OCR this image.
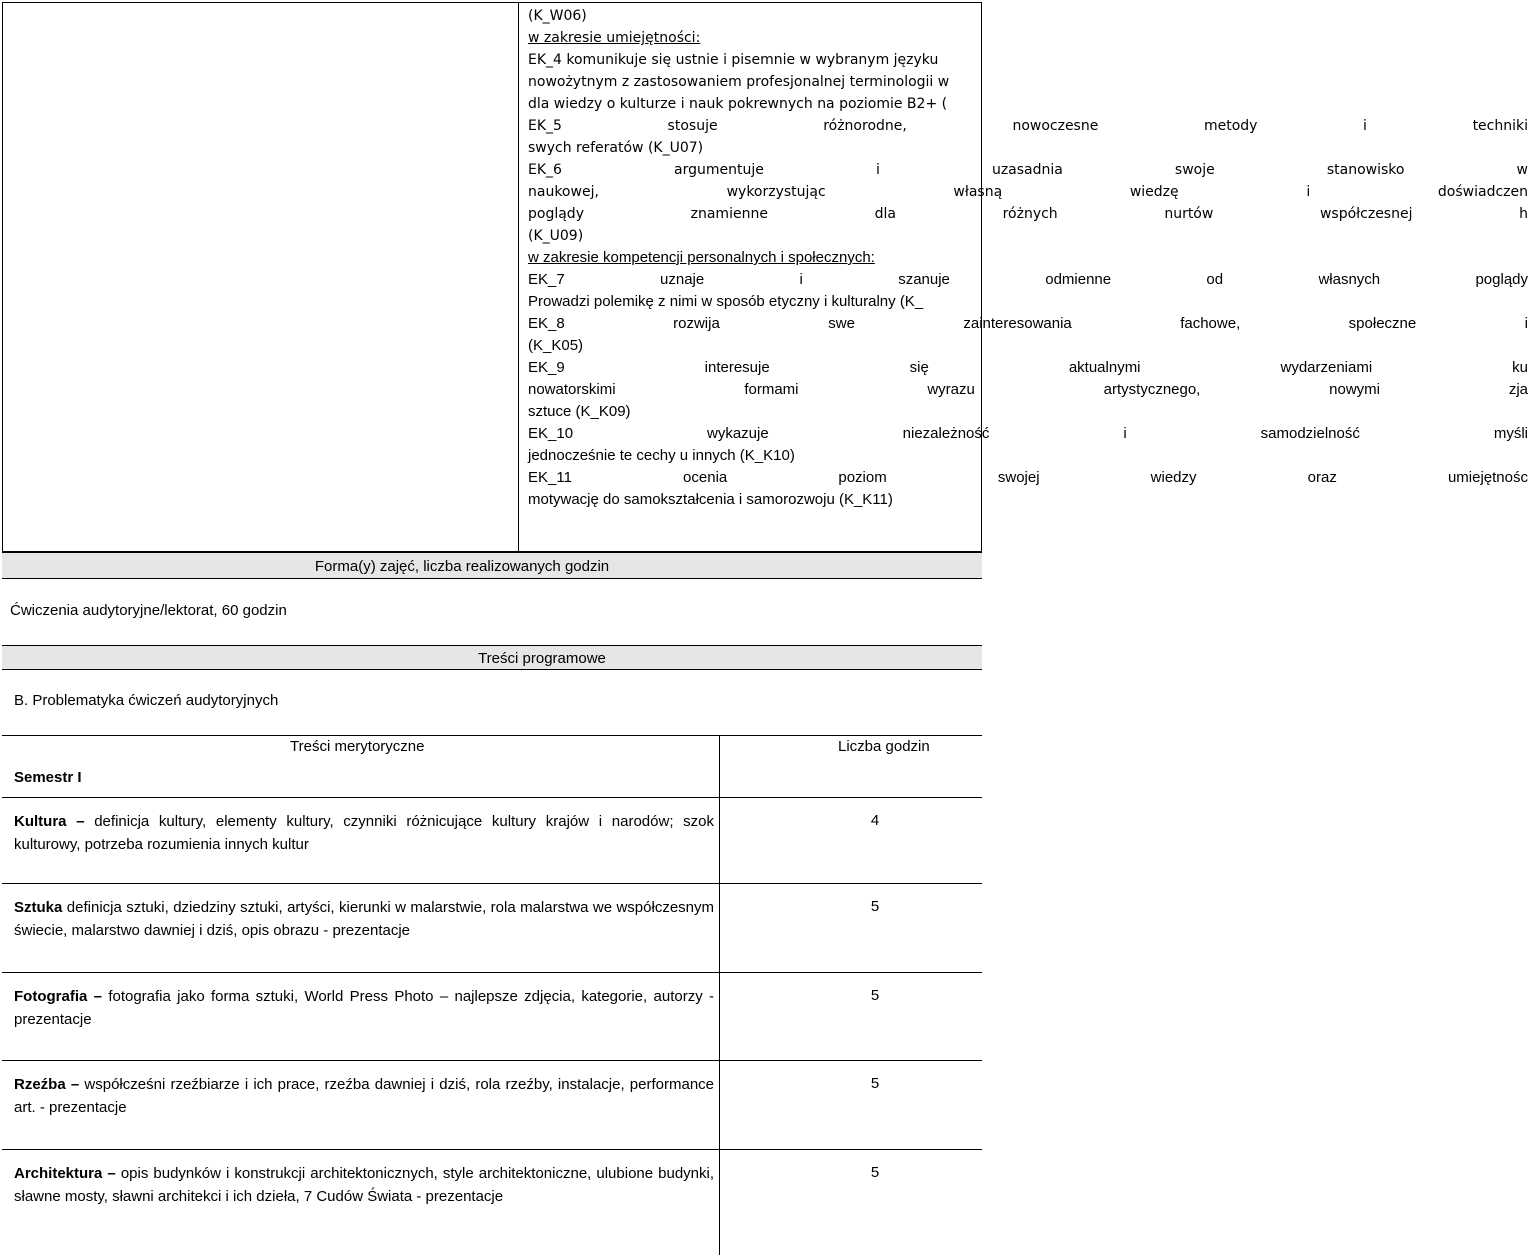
(K_W06)
w zakresie umiejętności:
EK_4 komunikuje się ustnie i pisemnie w wybranym języku
nowożytnym z zastosowaniem profesjonalnej terminologii w
dla wiedzy o kulturze i nauk pokrewnych na poziomie B2+ (
EK_5 stosuje różnorodne, nowoczesne metody i techniki
swych referatów (K_U07)
EK_6 argumentuje i uzasadnia swoje stanowisko w
naukowej, wykorzystując własną wiedzę i doświadczen
poglądy znamienne dla różnych nurtów współczesnej h
(K_U09)
w zakresie kompetencji personalnych i społecznych:
EK_7 uznaje i szanuje odmienne od własnych poglądy
Prowadzi polemikę z nimi w sposób etyczny i kulturalny (K_
EK_8 rozwija swe zainteresowania fachowe, społeczne i
(K_K05)
EK_9 interesuje się aktualnymi wydarzeniami ku
nowatorskimi formami wyrazu artystycznego, nowymi zja
sztuce (K_K09)
EK_10 wykazuje niezależność i samodzielność myśli
jednocześnie te cechy u innych (K_K10)
EK_11 ocenia poziom swojej wiedzy oraz umiejętnośc
motywację do samokształcenia i samorozwoju (K_K11)
Forma(y) zajęć, liczba realizowanych godzin
Ćwiczenia audytoryjne/lektorat, 60 godzin
Treści programowe
B. Problematyka ćwiczeń audytoryjnych
Treści merytoryczne	Liczba godzin
Semestr I
Kultura – definicja kultury, elementy kultury, czynniki różnicujące kultury krajów i narodów; szok kulturowy, potrzeba rozumienia innych kultur
4
Sztuka definicja sztuki, dziedziny sztuki, artyści, kierunki w malarstwie, rola malarstwa we współczesnym świecie, malarstwo dawniej i dziś, opis obrazu - prezentacje
5
Fotografia – fotografia jako forma sztuki, World Press Photo – najlepsze zdjęcia, kategorie, autorzy - prezentacje
5
Rzeźba – współcześni rzeźbiarze i ich prace, rzeźba dawniej i dziś, rola rzeźby, instalacje, performance art. - prezentacje
5
Architektura – opis budynków i konstrukcji architektonicznych, style architektoniczne, ulubione budynki, sławne mosty, sławni architekci i ich dzieła, 7 Cudów Świata - prezentacje
5
